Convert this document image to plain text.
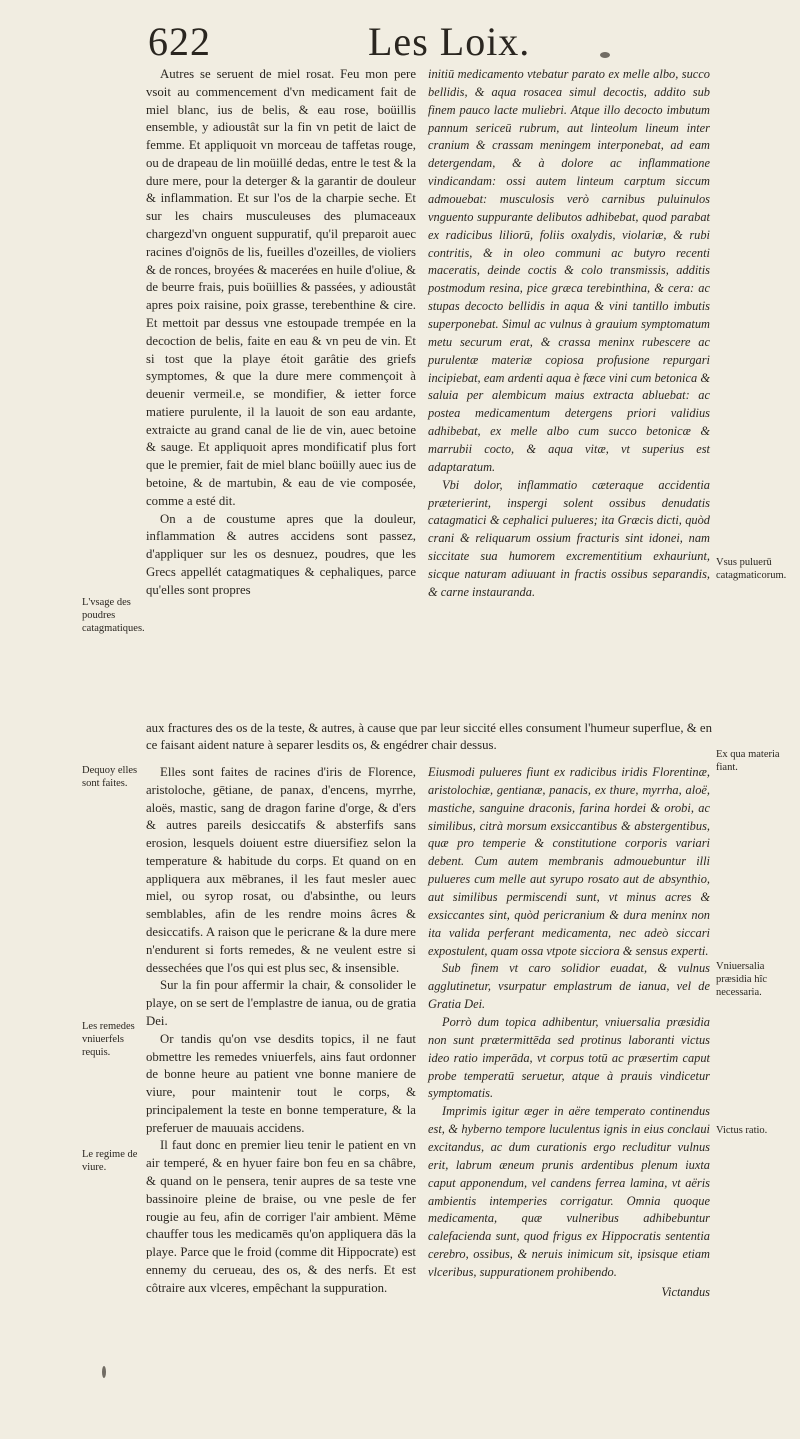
622	Les Loix.

Autres se seruent de miel rosat. Feu mon pere vsoit au commencement d'vn medicament fait de miel blanc, ius de belis, & eau rose, boüillis ensemble, y adioustât sur la fin vn petit de laict de femme. Et appliquoit vn morceau de taffetas rouge, ou de drapeau de lin moüillé dedas, entre le test & la dure mere, pour la deterger & la garantir de douleur & inflammation. Et sur l'os de la charpie seche. Et sur les chairs musculeuses des plumaceaux chargezd'vn onguent suppuratif, qu'il preparoit auec racines d'oignōs de lis, fueilles d'ozeilles, de violiers & de ronces, broyées & macerées en huile d'oliue, & de beurre frais, puis boüillies & passées, y adioustât apres poix raisine, poix grasse, terebenthine & cire. Et mettoit par dessus vne estoupade trempée en la decoction de belis, faite en eau & vn peu de vin. Et si tost que la playe étoit garâtie des griefs symptomes, & que la dure mere commençoit à deuenir vermeil.e, se mondifier, & ietter force matiere purulente, il la lauoit de son eau ardante, extraicte au grand canal de lie de vin, auec betoine & sauge. Et appliquoit apres mondificatif plus fort que le premier, fait de miel blanc boüilly auec ius de betoine, & de martubin, & eau de vie composée, comme a esté dit.

On a de coustume apres que la douleur, inflammation & autres accidens sont passez, d'appliquer sur les os desnuez, poudres, que les Grecs appellét catagmatiques & cephaliques, parce qu'elles sont propres

initiū medicamento vtebatur parato ex melle albo, succo bellidis, & aqua rosacea simul decoctis, addito sub finem pauco lacte muliebri. Atque illo decocto imbutum pannum sericeū rubrum, aut linteolum lineum inter cranium & crassam meningem interponebat, ad eam detergendam, & à dolore ac inflammatione vindicandam: ossi autem linteum carptum siccum admouebat: musculosis verò carnibus puluinulos vnguento suppurante delibutos adhibebat, quod parabat ex radicibus liliorū, foliis oxalydis, violariæ, & rubi contritis, & in oleo communi ac butyro recenti maceratis, deinde coctis & colo transmissis, additis postmodum resina, pice græca terebinthina, & cera: ac stupas decocto bellidis in aqua & vini tantillo imbutis superponebat. Simul ac vulnus à grauium symptomatum metu securum erat, & crassa meninx rubescere ac purulentæ materiæ copiosa profusione repurgari incipiebat, eam ardenti aqua è fæce vini cum betonica & saluia per alembicum maius extracta abluebat: ac postea medicamentum detergens priori validius adhibebat, ex melle albo cum succo betonicæ & marrubii cocto, & aqua vitæ, vt superius est adaptaratum.

Vbi dolor, inflammatio cæteraque accidentia præterierint, inspergi solent ossibus denudatis catagmatici & cephalici pulueres; ita Græcis dicti, quòd crani & reliquarum ossium fracturis sint idonei, nam siccitate sua humorem excrementitium exhauriunt, sicque naturam adiuuant in fractis ossibus separandis, & carne instauranda.

aux fractures des os de la teste, & autres, à cause que par leur siccité elles consument l'humeur superflue, & en ce faisant aident nature à separer lesdits os, & engédrer chair dessus.

Elles sont faites de racines d'iris de Florence, aristoloche, gētiane, de panax, d'encens, myrrhe, aloës, mastic, sang de dragon farine d'orge, & d'ers & autres pareils desiccatifs & absterfifs sans erosion, lesquels doiuent estre diuersifiez selon la temperature & habitude du corps. Et quand on en appliquera aux mēbranes, il les faut mesler auec miel, ou syrop rosat, ou d'absinthe, ou leurs semblables, afin de les rendre moins âcres & desiccatifs. A raison que le pericrane & la dure mere n'endurent si forts remedes, & ne veulent estre si dessechées que l'os qui est plus sec, & insensible.

Sur la fin pour affermir la chair, & consolider le playe, on se sert de l'emplastre de ianua, ou de gratia Dei.

Or tandis qu'on vse desdits topics, il ne faut obmettre les remedes vniuerfels, ains faut ordonner de bonne heure au patient vne bonne maniere de viure, pour maintenir tout le corps, & principalement la teste en bonne temperature, & la preferuer de mauuais accidens.

Il faut donc en premier lieu tenir le patient en vn air temperé, & en hyuer faire bon feu en sa châbre, & quand on le pensera, tenir aupres de sa teste vne bassinoire pleine de braise, ou vne pesle de fer rougie au feu, afin de corriger l'air ambient. Mēme chauffer tous les medicamēs qu'on appliquera dās la playe. Parce que le froid (comme dit Hippocrate) est ennemy du cerueau, des os, & des nerfs. Et est côtraire aux vlceres, empêchant la suppuration.

Eiusmodi pulueres fiunt ex radicibus iridis Florentinæ, aristolochiæ, gentianæ, panacis, ex thure, myrrha, aloë, mastiche, sanguine draconis, farina hordei & orobi, ac similibus, citrà morsum exsiccantibus & abstergentibus, quæ pro temperie & constitutione corporis variari debent. Cum autem membranis admouebuntur illi pulueres cum melle aut syrupo rosato aut de absynthio, aut similibus permiscendi sunt, vt minus acres & exsiccantes sint, quòd pericranium & dura meninx non ita valida perferant medicamenta, nec adeò siccari expostulent, quam ossa vtpote sicciora & sensus experti.

Sub finem vt caro solidior euadat, & vulnus agglutinetur, vsurpatur emplastrum de ianua, vel de Gratia Dei.

Porrò dum topica adhibentur, vniuersalia præsidia non sunt prætermittēda sed protinus laboranti victus ideo ratio imperāda, vt corpus totū ac præsertim caput probe temperatū seruetur, atque à prauis vindicetur symptomatis.

Imprimis igitur æger in aëre temperato continendus est, & hyberno tempore luculentus ignis in eius conclaui excitandus, ac dum curationis ergo recluditur vulnus erit, labrum æneum prunis ardentibus plenum iuxta caput apponendum, vel candens ferrea lamina, vt aëris ambientis intemperies corrigatur. Omnia quoque medicamenta, quæ vulneribus adhibebuntur calefacienda sunt, quod frigus ex Hippocratis sententia cerebro, ossibus, & neruis inimicum sit, ipsisque etiam vlceribus, suppurationem prohibendo.

Victandus

L'vsage des poudres catagmatiques.
Dequoy elles sont faites.
Les remedes vniuerfels requis.
Le regime de viure.
Vsus puluerū catagmaticorum.
Ex qua materia fiant.
Vniuersalia præsidia hîc necessaria.
Victus ratio.
